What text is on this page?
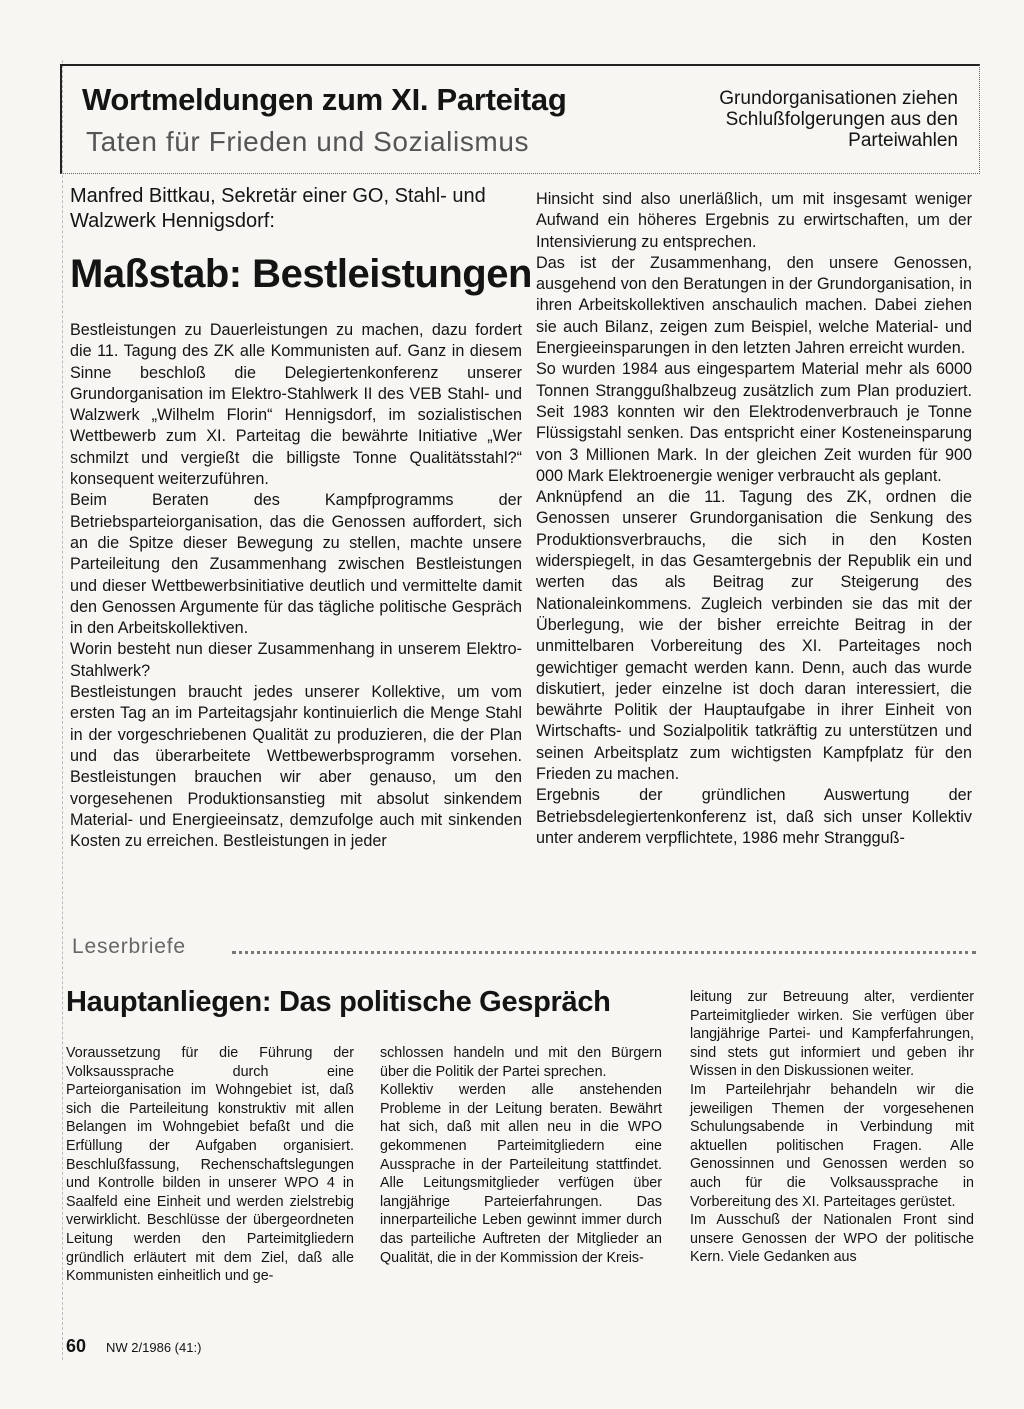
Wortmeldungen zum XI. Parteitag
Taten für Frieden und Sozialismus
Grundorganisationen ziehen Schlußfolgerungen aus den Parteiwahlen
Manfred Bittkau, Sekretär einer GO, Stahl- und Walzwerk Hennigsdorf:
Maßstab: Bestleistungen

Bestleistungen zu Dauerleistungen zu machen, dazu fordert die 11. Tagung des ZK alle Kommunisten auf. Ganz in diesem Sinne beschloß die Delegiertenkonferenz unserer Grundorganisation im Elektro-Stahlwerk II des VEB Stahl- und Walzwerk „Wilhelm Florin“ Hennigsdorf, im sozialistischen Wettbewerb zum XI. Parteitag die bewährte Initiative „Wer schmilzt und vergießt die billigste Tonne Qualitätsstahl?“ konsequent weiterzuführen.

Beim Beraten des Kampfprogramms der Betriebsparteiorganisation, das die Genossen auffordert, sich an die Spitze dieser Bewegung zu stellen, machte unsere Parteileitung den Zusammenhang zwischen Bestleistungen und dieser Wettbewerbsinitiative deutlich und vermittelte damit den Genossen Argumente für das tägliche politische Gespräch in den Arbeitskollektiven.

Worin besteht nun dieser Zusammenhang in unserem Elektro-Stahlwerk?

Bestleistungen braucht jedes unserer Kollektive, um vom ersten Tag an im Parteitagsjahr kontinuierlich die Menge Stahl in der vorgeschriebenen Qualität zu produzieren, die der Plan und das überarbeitete Wettbewerbsprogramm vorsehen. Bestleistungen brauchen wir aber genauso, um den vorgesehenen Produktionsanstieg mit absolut sinkendem Material- und Energieeinsatz, demzufolge auch mit sinkenden Kosten zu erreichen. Bestleistungen in jeder

Hinsicht sind also unerläßlich, um mit insgesamt weniger Aufwand ein höheres Ergebnis zu erwirtschaften, um der Intensivierung zu entsprechen.

Das ist der Zusammenhang, den unsere Genossen, ausgehend von den Beratungen in der Grundorganisation, in ihren Arbeitskollektiven anschaulich machen. Dabei ziehen sie auch Bilanz, zeigen zum Beispiel, welche Material- und Energieeinsparungen in den letzten Jahren erreicht wurden.

So wurden 1984 aus eingespartem Material mehr als 6000 Tonnen Stranggußhalbzeug zusätzlich zum Plan produziert. Seit 1983 konnten wir den Elektrodenverbrauch je Tonne Flüssigstahl senken. Das entspricht einer Kosteneinsparung von 3 Millionen Mark. In der gleichen Zeit wurden für 900 000 Mark Elektroenergie weniger verbraucht als geplant.

Anknüpfend an die 11. Tagung des ZK, ordnen die Genossen unserer Grundorganisation die Senkung des Produktionsverbrauchs, die sich in den Kosten widerspiegelt, in das Gesamtergebnis der Republik ein und werten das als Beitrag zur Steigerung des Nationaleinkommens. Zugleich verbinden sie das mit der Überlegung, wie der bisher erreichte Beitrag in der unmittelbaren Vorbereitung des XI. Parteitages noch gewichtiger gemacht werden kann. Denn, auch das wurde diskutiert, jeder einzelne ist doch daran interessiert, die bewährte Politik der Hauptaufgabe in ihrer Einheit von Wirtschafts- und Sozialpolitik tatkräftig zu unterstützen und seinen Arbeitsplatz zum wichtigsten Kampfplatz für den Frieden zu machen.

Ergebnis der gründlichen Auswertung der Betriebsdelegiertenkonferenz ist, daß sich unser Kollektiv unter anderem verpflichtete, 1986 mehr Strangguß-

Leserbriefe
Hauptanliegen: Das politische Gespräch

Voraussetzung für die Führung der Volksaussprache durch eine Parteiorganisation im Wohngebiet ist, daß sich die Parteileitung konstruktiv mit allen Belangen im Wohngebiet befaßt und die Erfüllung der Aufgaben organisiert. Beschlußfassung, Rechenschaftslegungen und Kontrolle bilden in unserer WPO 4 in Saalfeld eine Einheit und werden zielstrebig verwirklicht. Beschlüsse der übergeordneten Leitung werden den Parteimitgliedern gründlich erläutert mit dem Ziel, daß alle Kommunisten einheitlich und ge-

schlossen handeln und mit den Bürgern über die Politik der Partei sprechen.

Kollektiv werden alle anstehenden Probleme in der Leitung beraten. Bewährt hat sich, daß mit allen neu in die WPO gekommenen Parteimitgliedern eine Aussprache in der Parteileitung stattfindet. Alle Leitungsmitglieder verfügen über langjährige Parteierfahrungen. Das innerparteiliche Leben gewinnt immer durch das parteiliche Auftreten der Mitglieder an Qualität, die in der Kommission der Kreis-

leitung zur Betreuung alter, verdienter Parteimitglieder wirken. Sie verfügen über langjährige Partei- und Kampferfahrungen, sind stets gut informiert und geben ihr Wissen in den Diskussionen weiter.

Im Parteilehrjahr behandeln wir die jeweiligen Themen der vorgesehenen Schulungsabende in Verbindung mit aktuellen politischen Fragen. Alle Genossinnen und Genossen werden so auch für die Volksaussprache in Vorbereitung des XI. Parteitages gerüstet.

Im Ausschuß der Nationalen Front sind unsere Genossen der WPO der politische Kern. Viele Gedanken aus

60 NW 2/1986 (41:)
